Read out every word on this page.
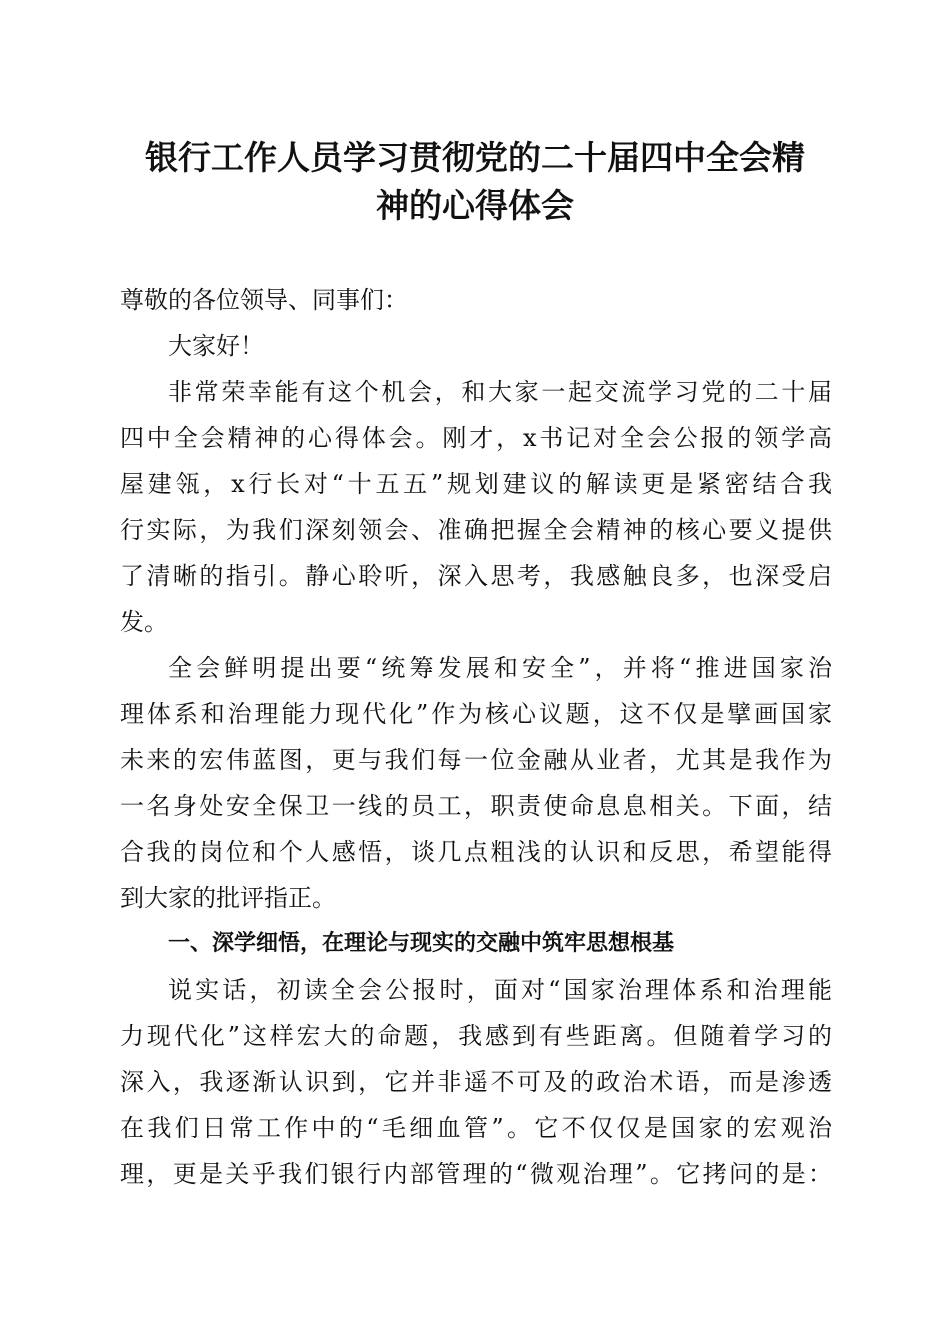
银行工作人员学习贯彻党的二十届四中全会精
神的心得体会
尊敬的各位领导、同事们：
大家好！
非常荣幸能有这个机会，和大家一起交流学习党的二十届
四中全会精神的心得体会。刚才，x书记对全会公报的领学高
屋建瓴，x行长对“十五五”规划建议的解读更是紧密结合我
行实际，为我们深刻领会、准确把握全会精神的核心要义提供
了清晰的指引。静心聆听，深入思考，我感触良多，也深受启
发。
全会鲜明提出要“统筹发展和安全”，并将“推进国家治
理体系和治理能力现代化”作为核心议题，这不仅是擘画国家
未来的宏伟蓝图，更与我们每一位金融从业者，尤其是我作为
一名身处安全保卫一线的员工，职责使命息息相关。下面，结
合我的岗位和个人感悟，谈几点粗浅的认识和反思，希望能得
到大家的批评指正。
一、深学细悟，在理论与现实的交融中筑牢思想根基
说实话，初读全会公报时，面对“国家治理体系和治理能
力现代化”这样宏大的命题，我感到有些距离。但随着学习的
深入，我逐渐认识到，它并非遥不可及的政治术语，而是渗透
在我们日常工作中的“毛细血管”。它不仅仅是国家的宏观治
理，更是关乎我们银行内部管理的“微观治理”。它拷问的是：
